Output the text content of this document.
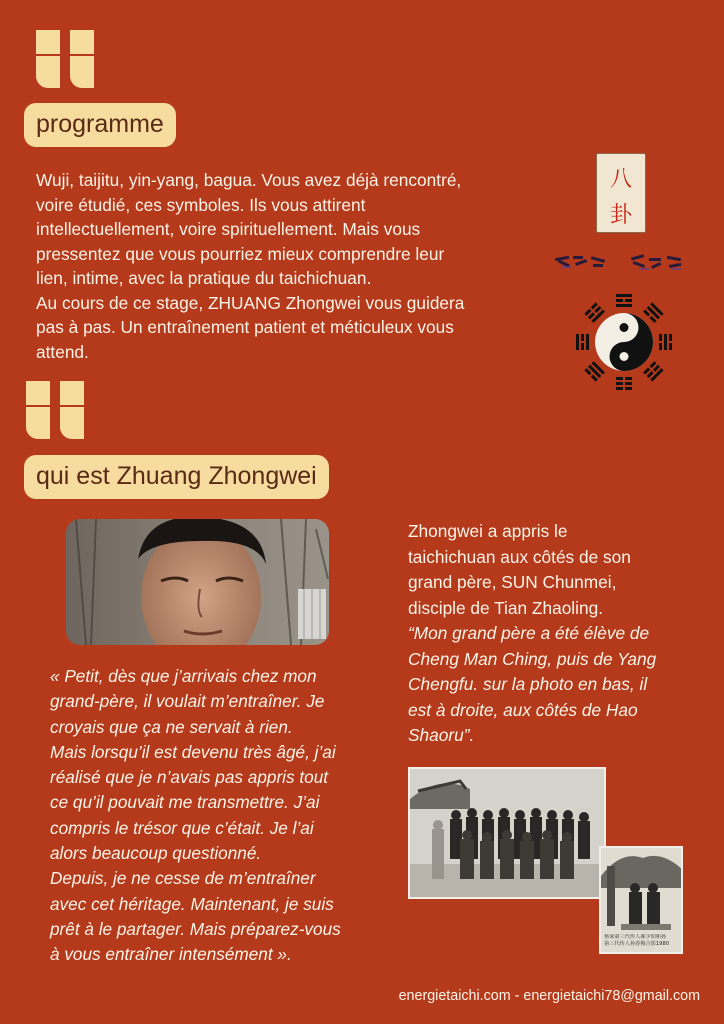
programme

Wuji, taijitu, yin-yang, bagua. Vous avez déjà rencontré,

voire étudié, ces symboles. Ils vous attirent

intellectuellement, voire spirituellement. Mais vous

pressentez que vous pourriez mieux comprendre leur

lien, intime, avec la pratique du taichichuan.

Au cours de ce stage, ZHUANG Zhongwei vous guidera

pas à pas. Un entraînement patient et méticuleux vous

attend.

八
卦
qui est Zhuang Zhongwei

« Petit, dès que j’arrivais chez mon

grand-père, il voulait m’entraîner. Je

croyais que ça ne servait à rien.

Mais lorsqu’il est devenu très âgé, j’ai

réalisé que je n’avais pas appris tout

ce qu’il pouvait me transmettre. J’ai

compris le trésor que c’était. Je l’ai

alors beaucoup questionné.

Depuis, je ne cesse de m’entraîner

avec cet héritage. Maintenant, je suis

prêt à le partager. Mais préparez-vous

à vous entraîner intensément ».

Zhongwei a appris le

taichichuan aux côtés de son

grand père, SUN Chunmei,

disciple de Tian Zhaoling.

“Mon grand père a été élève de

Cheng Man Ching, puis de Yang

Chengfu. sur la photo en bas, il

est à droite, aux côtés de Hao

Shaoru”.

杨家第三代传人郝少如和孙
第三代传人孙春梅合影1980
energietaichi.com - energietaichi78@gmail.com
